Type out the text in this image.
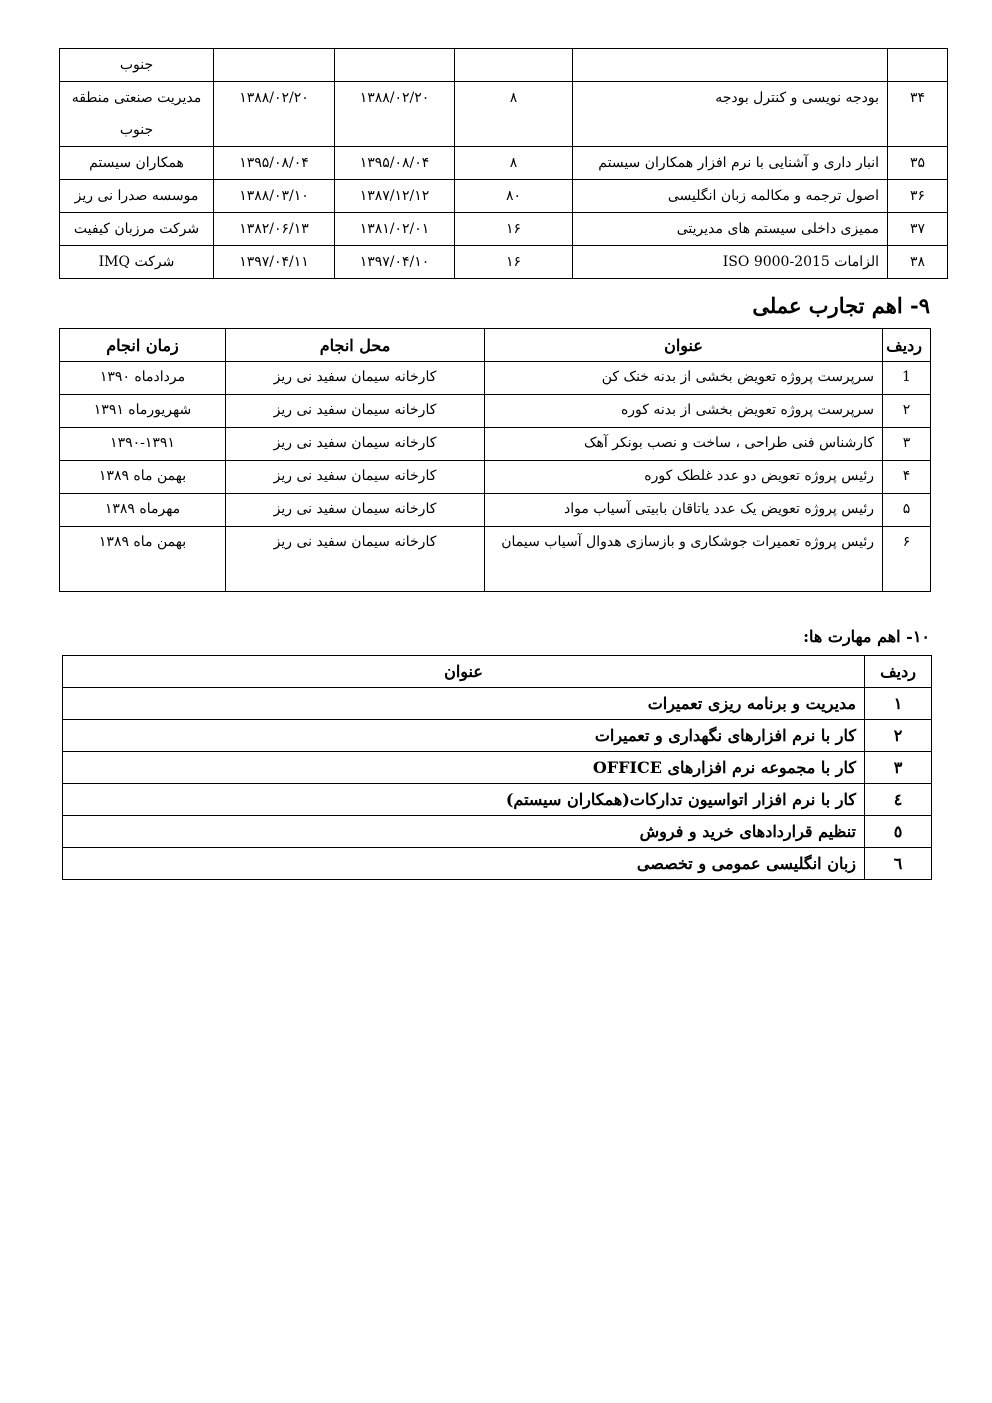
					جنوب
۳۴	بودجه نویسی و کنترل بودجه	۸	۱۳۸۸/۰۲/۲۰	۱۳۸۸/۰۲/۲۰	مدیریت صنعتی منطقه جنوب
۳۵	انبار داری و آشنایی با نرم افزار همکاران سیستم	۸	۱۳۹۵/۰۸/۰۴	۱۳۹۵/۰۸/۰۴	همکاران سیستم
۳۶	اصول ترجمه و مکالمه زبان انگلیسی	۸۰	۱۳۸۷/۱۲/۱۲	۱۳۸۸/۰۳/۱۰	موسسه صدرا نی ریز
۳۷	ممیزی داخلی سیستم های مدیریتی	۱۶	۱۳۸۱/۰۲/۰۱	۱۳۸۲/۰۶/۱۳	شرکت مرزبان کیفیت
۳۸	الزامات ISO 9000-2015	۱۶	۱۳۹۷/۰۴/۱۰	۱۳۹۷/۰۴/۱۱	شرکت IMQ
۹- اهم تجارب عملی
ردیف	عنوان	محل انجام	زمان انجام
1	سرپرست پروژه تعویض بخشی از بدنه خنک کن	کارخانه سیمان سفید نی ریز	مردادماه ۱۳۹۰
۲	سرپرست پروژه تعویض بخشی از بدنه کوره	کارخانه سیمان سفید نی ریز	شهریورماه ۱۳۹۱
۳	کارشناس فنی طراحی ، ساخت و نصب بونکر آهک	کارخانه سیمان سفید نی ریز	۱۳۹۰-۱۳۹۱
۴	رئیس پروژه تعویض دو عدد غلطک کوره	کارخانه سیمان سفید نی ریز	بهمن ماه ۱۳۸۹
۵	رئیس پروژه تعویض یک عدد یاتاقان بابیتی آسیاب مواد	کارخانه سیمان سفید نی ریز	مهرماه ۱۳۸۹
۶	رئیس پروژه تعمیرات جوشکاری و بازسازی هدوال آسیاب سیمان	کارخانه سیمان سفید نی ریز	بهمن ماه ۱۳۸۹
۱۰- اهم مهارت ها:
ردیف	عنوان
۱	مدیریت و برنامه ریزی تعمیرات
۲	کار با نرم افزارهای نگهداری و تعمیرات
۳	کار با مجموعه نرم افزارهای OFFICE
٤	کار با نرم افزار اتواسیون تدارکات(همکاران سیستم)
٥	تنظیم قراردادهای خرید و فروش
٦	زبان انگلیسی عمومی و تخصصی
